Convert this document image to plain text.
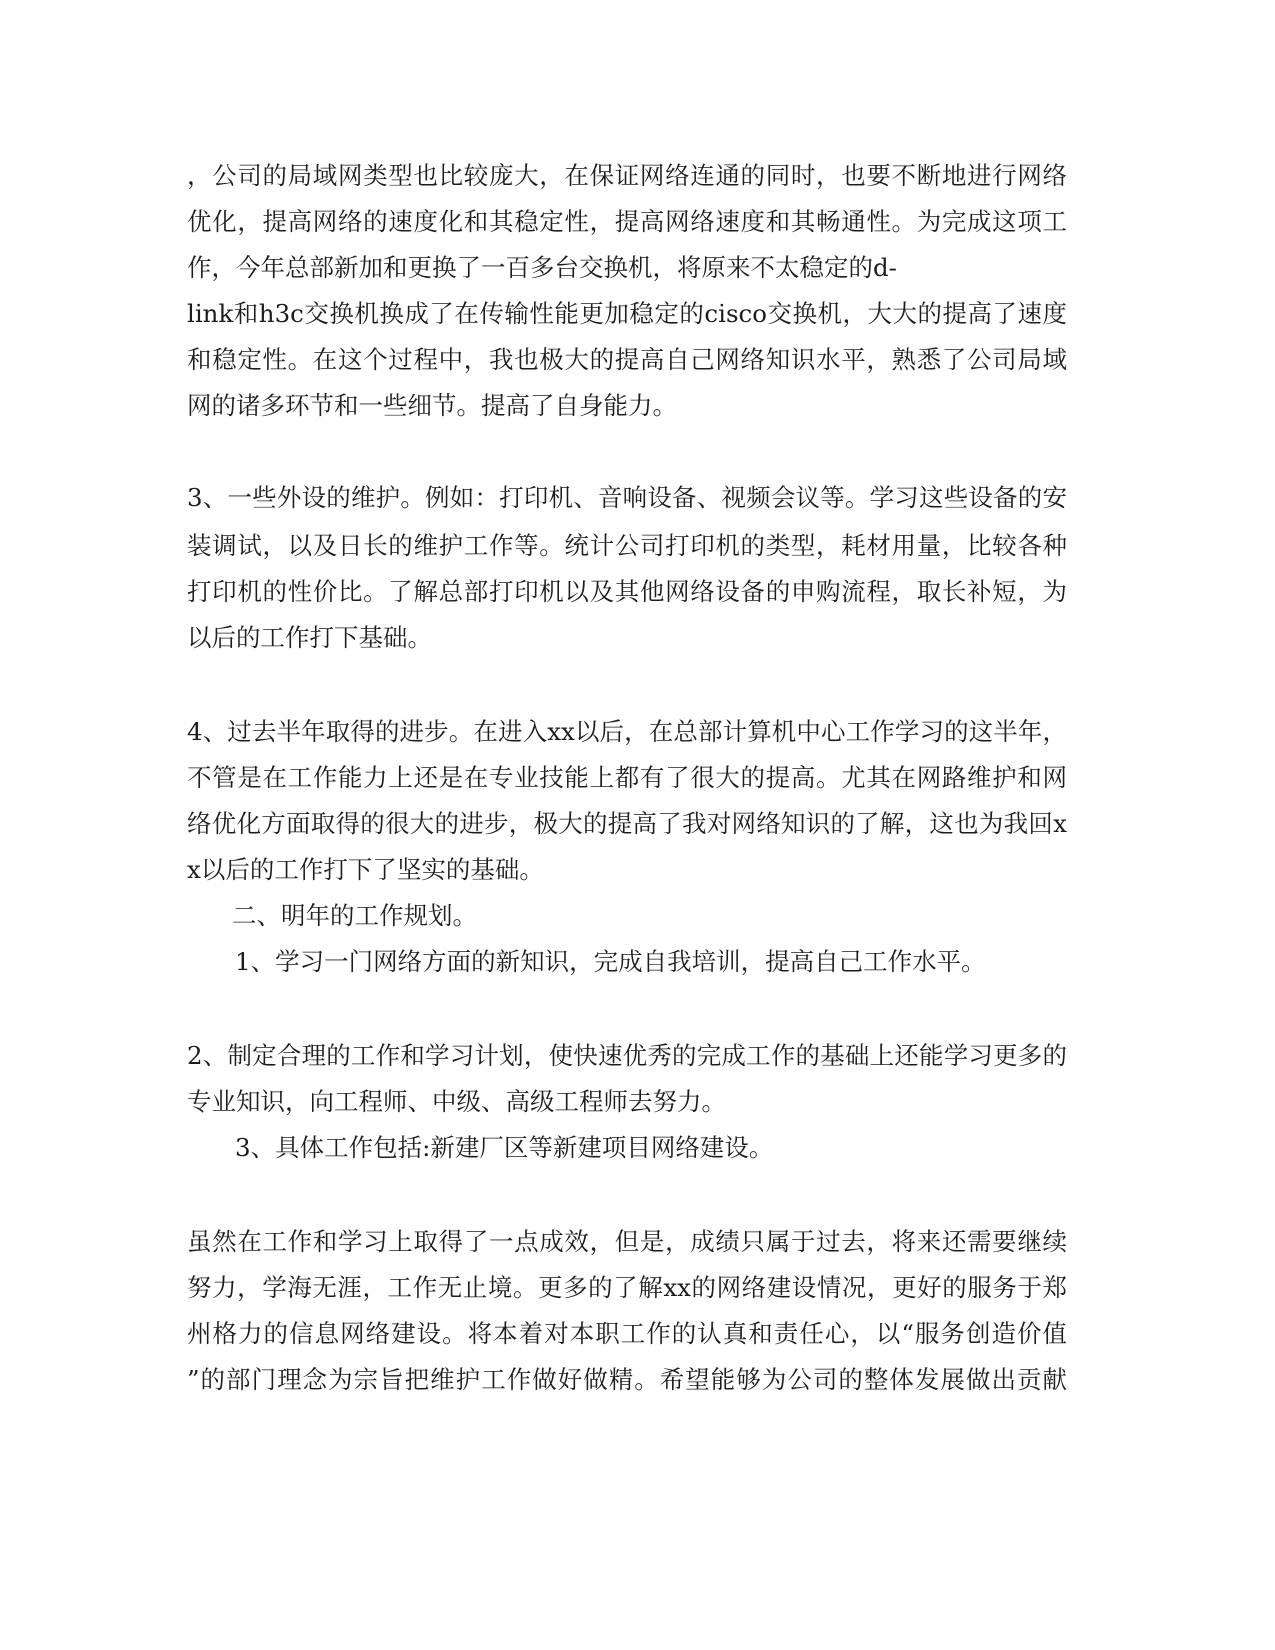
，公司的局域网类型也比较庞大，在保证网络连通的同时，也要不断地进行网络
优化，提高网络的速度化和其稳定性，提高网络速度和其畅通性。为完成这项工
作，今年总部新加和更换了一百多台交换机，将原来不太稳定的d-
link和h3c交换机换成了在传输性能更加稳定的cisco交换机，大大的提高了速度
和稳定性。在这个过程中，我也极大的提高自己网络知识水平，熟悉了公司局域
网的诸多环节和一些细节。提高了自身能力。
3、一些外设的维护。例如：打印机、音响设备、视频会议等。学习这些设备的安
装调试，以及日长的维护工作等。统计公司打印机的类型，耗材用量，比较各种
打印机的性价比。了解总部打印机以及其他网络设备的申购流程，取长补短，为
以后的工作打下基础。
4、过去半年取得的进步。在进入xx以后，在总部计算机中心工作学习的这半年，
不管是在工作能力上还是在专业技能上都有了很大的提高。尤其在网路维护和网
络优化方面取得的很大的进步，极大的提高了我对网络知识的了解，这也为我回x
x以后的工作打下了坚实的基础。
二、明年的工作规划。
1、学习一门网络方面的新知识，完成自我培训，提高自己工作水平。
2、制定合理的工作和学习计划，使快速优秀的完成工作的基础上还能学习更多的
专业知识，向工程师、中级、高级工程师去努力。
3、具体工作包括:新建厂区等新建项目网络建设。
虽然在工作和学习上取得了一点成效，但是，成绩只属于过去，将来还需要继续
努力，学海无涯，工作无止境。更多的了解xx的网络建设情况，更好的服务于郑
州格力的信息网络建设。将本着对本职工作的认真和责任心，以“服务创造价值
”的部门理念为宗旨把维护工作做好做精。希望能够为公司的整体发展做出贡献
